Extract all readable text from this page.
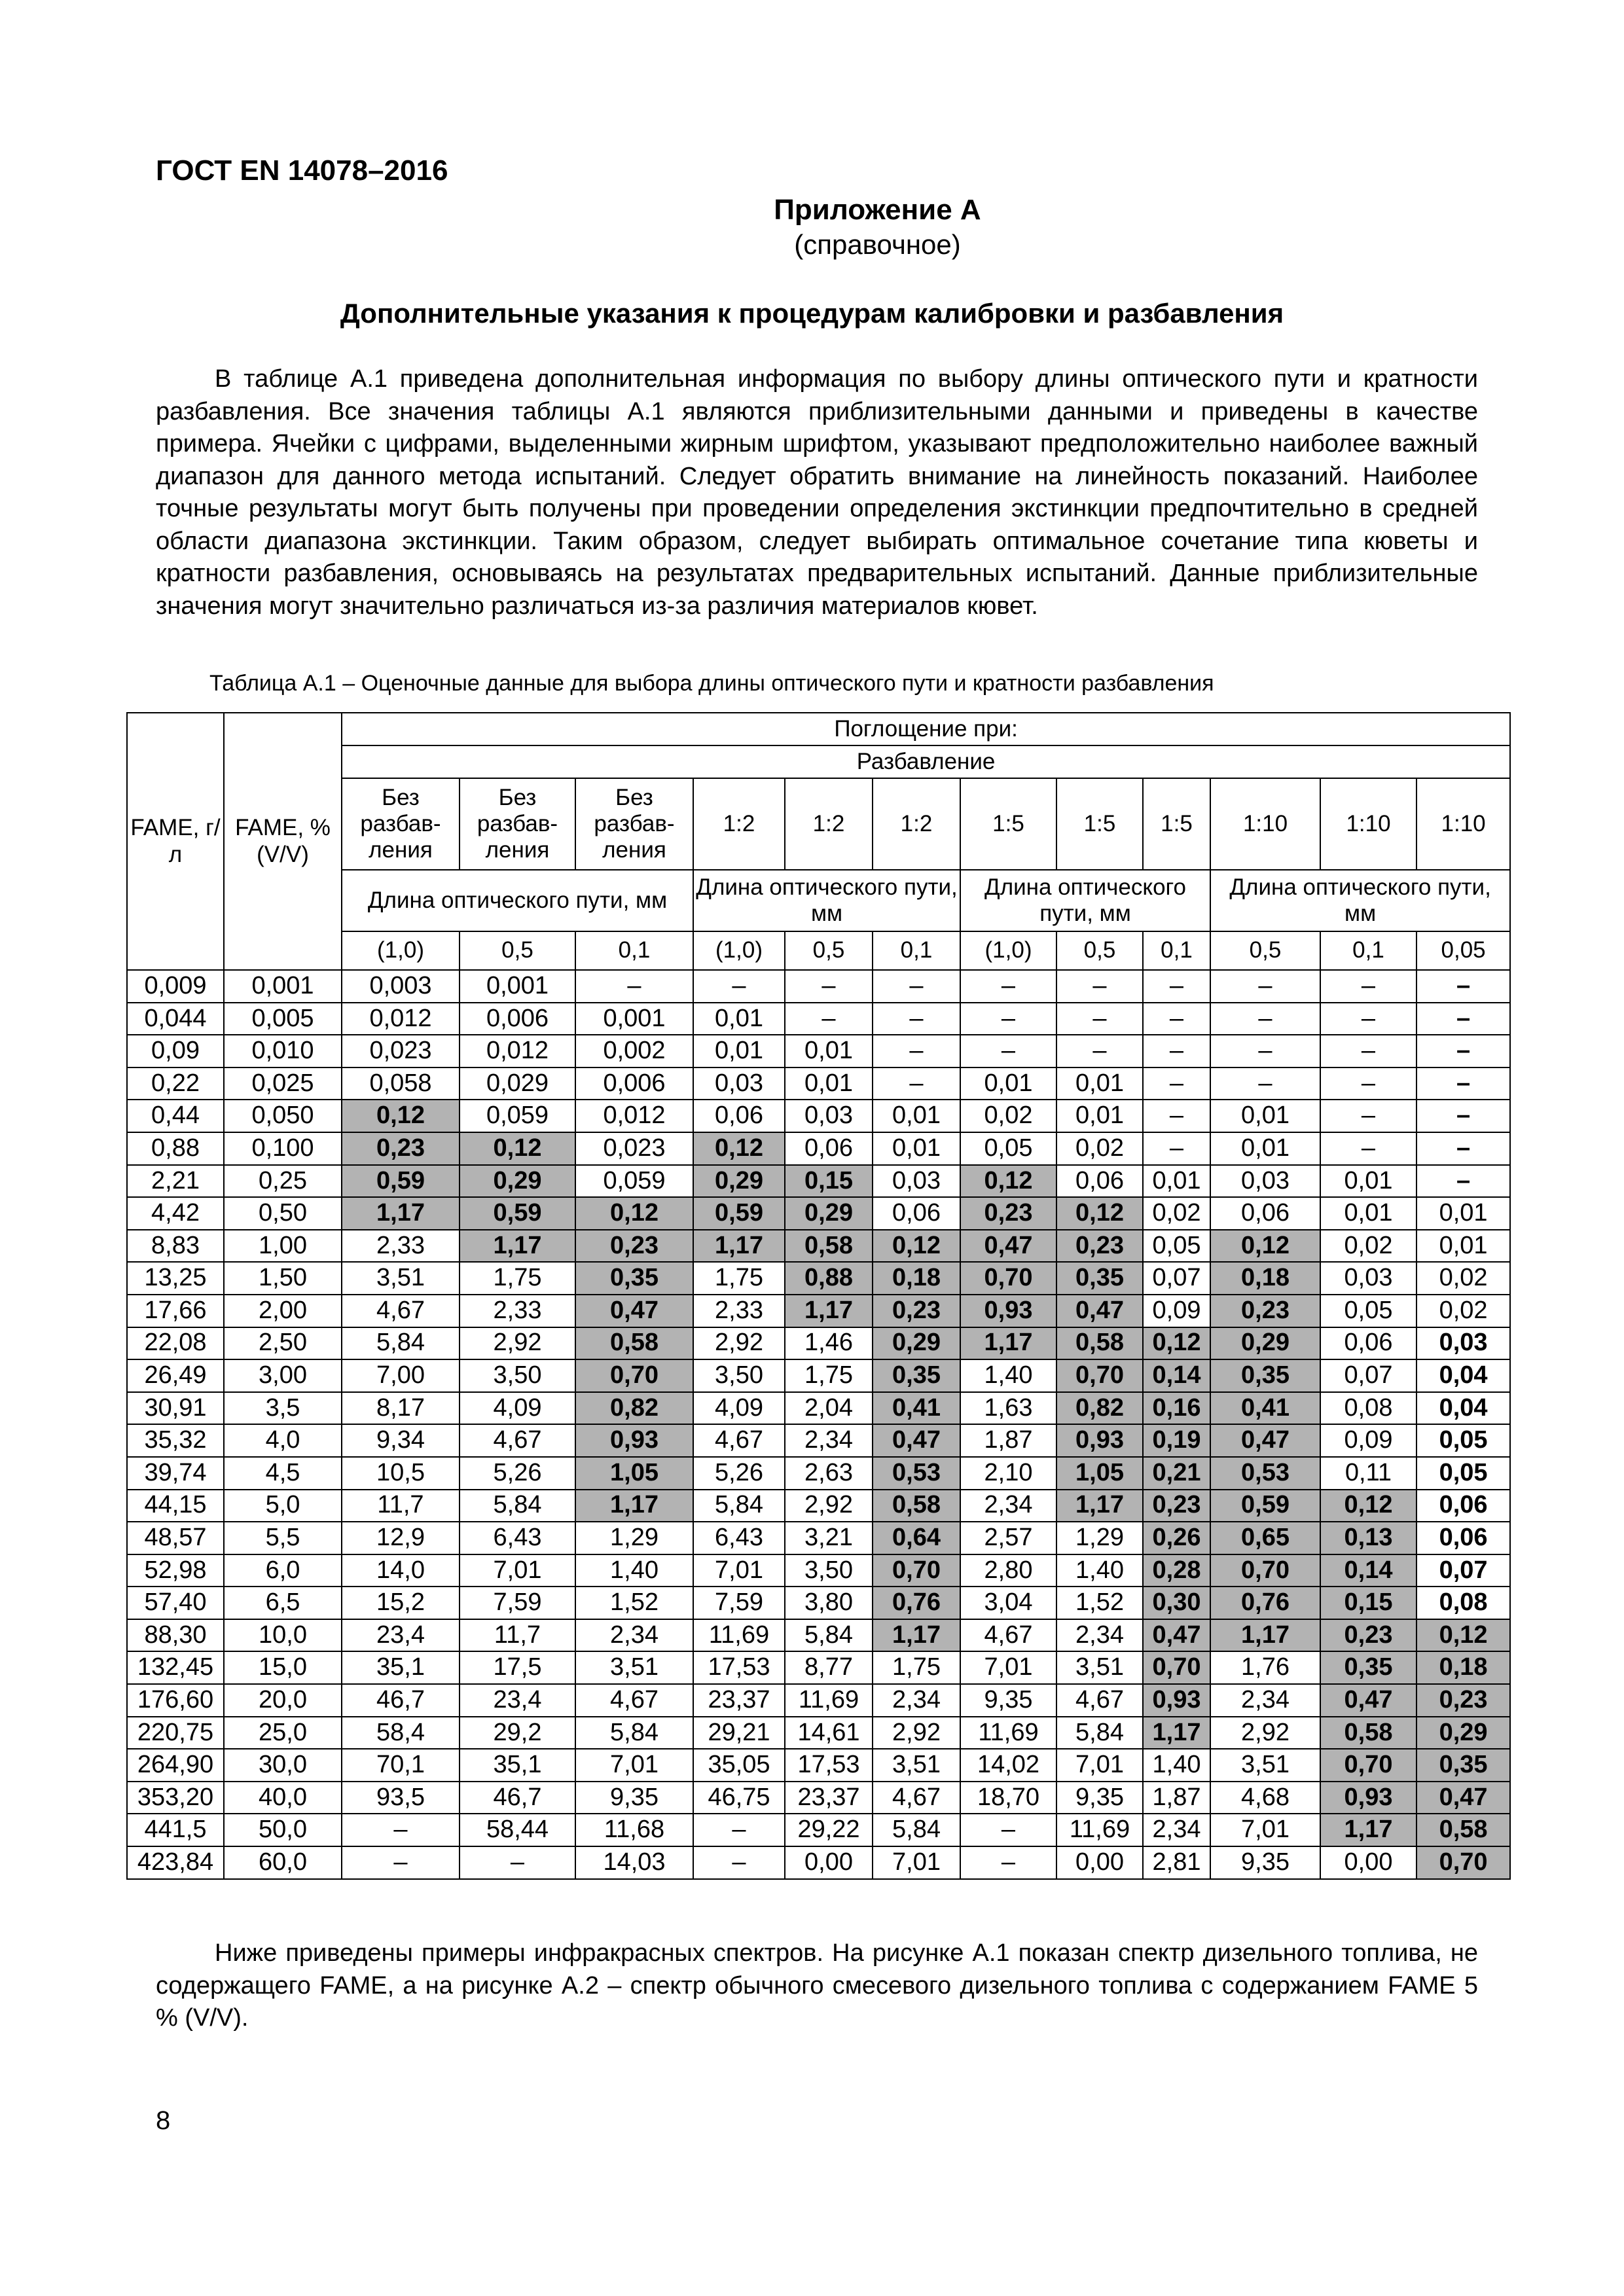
ГОСТ EN 14078–2016
Приложение А
(справочное)
Дополнительные указания к процедурам калибровки и разбавления
В таблице А.1 приведена дополнительная информация по выбору длины оптического пути и кратности разбавления. Все значения таблицы А.1 являются приблизительными данными и приведены в качестве примера. Ячейки с цифрами, выделенными жирным шрифтом, указывают предположительно наиболее важный диапазон для данного метода испытаний. Следует обратить внимание на линейность показаний. Наиболее точные результаты могут быть получены при проведении определения экстинкции предпочтительно в средней области диапазона экстинкции. Таким образом, следует выбирать оптимальное сочетание типа кюветы и кратности разбавления, основываясь на результатах предварительных испытаний. Данные приблизительные значения могут значительно различаться из-за различия материалов кювет.
Таблица А.1 – Оценочные данные для выбора длины оптического пути и кратности разбавления
FAME, г/л	FAME, % (V/V)	Поглощение при:											
		Разбавление											
		Без разбав-ления	Без разбав-ления	Без разбав-ления	1:2	1:2	1:2	1:5	1:5	1:5	1:10	1:10	1:10
		Длина оптического пути, мм			Длина оптического пути, мм			Длина оптического пути, мм			Длина оптического пути, мм		
		(1,0)	0,5	0,1	(1,0)	0,5	0,1	(1,0)	0,5	0,1	0,5	0,1	0,05
0,009	0,001	0,003	0,001	–	–	–	–	–	–	–	–	–	–
0,044	0,005	0,012	0,006	0,001	0,01	–	–	–	–	–	–	–	–
0,09	0,010	0,023	0,012	0,002	0,01	0,01	–	–	–	–	–	–	–
0,22	0,025	0,058	0,029	0,006	0,03	0,01	–	0,01	0,01	–	–	–	–
0,44	0,050	0,12	0,059	0,012	0,06	0,03	0,01	0,02	0,01	–	0,01	–	–
0,88	0,100	0,23	0,12	0,023	0,12	0,06	0,01	0,05	0,02	–	0,01	–	–
2,21	0,25	0,59	0,29	0,059	0,29	0,15	0,03	0,12	0,06	0,01	0,03	0,01	–
4,42	0,50	1,17	0,59	0,12	0,59	0,29	0,06	0,23	0,12	0,02	0,06	0,01	0,01
8,83	1,00	2,33	1,17	0,23	1,17	0,58	0,12	0,47	0,23	0,05	0,12	0,02	0,01
13,25	1,50	3,51	1,75	0,35	1,75	0,88	0,18	0,70	0,35	0,07	0,18	0,03	0,02
17,66	2,00	4,67	2,33	0,47	2,33	1,17	0,23	0,93	0,47	0,09	0,23	0,05	0,02
22,08	2,50	5,84	2,92	0,58	2,92	1,46	0,29	1,17	0,58	0,12	0,29	0,06	0,03
26,49	3,00	7,00	3,50	0,70	3,50	1,75	0,35	1,40	0,70	0,14	0,35	0,07	0,04
30,91	3,5	8,17	4,09	0,82	4,09	2,04	0,41	1,63	0,82	0,16	0,41	0,08	0,04
35,32	4,0	9,34	4,67	0,93	4,67	2,34	0,47	1,87	0,93	0,19	0,47	0,09	0,05
39,74	4,5	10,5	5,26	1,05	5,26	2,63	0,53	2,10	1,05	0,21	0,53	0,11	0,05
44,15	5,0	11,7	5,84	1,17	5,84	2,92	0,58	2,34	1,17	0,23	0,59	0,12	0,06
48,57	5,5	12,9	6,43	1,29	6,43	3,21	0,64	2,57	1,29	0,26	0,65	0,13	0,06
52,98	6,0	14,0	7,01	1,40	7,01	3,50	0,70	2,80	1,40	0,28	0,70	0,14	0,07
57,40	6,5	15,2	7,59	1,52	7,59	3,80	0,76	3,04	1,52	0,30	0,76	0,15	0,08
88,30	10,0	23,4	11,7	2,34	11,69	5,84	1,17	4,67	2,34	0,47	1,17	0,23	0,12
132,45	15,0	35,1	17,5	3,51	17,53	8,77	1,75	7,01	3,51	0,70	1,76	0,35	0,18
176,60	20,0	46,7	23,4	4,67	23,37	11,69	2,34	9,35	4,67	0,93	2,34	0,47	0,23
220,75	25,0	58,4	29,2	5,84	29,21	14,61	2,92	11,69	5,84	1,17	2,92	0,58	0,29
264,90	30,0	70,1	35,1	7,01	35,05	17,53	3,51	14,02	7,01	1,40	3,51	0,70	0,35
353,20	40,0	93,5	46,7	9,35	46,75	23,37	4,67	18,70	9,35	1,87	4,68	0,93	0,47
441,5	50,0	–	58,44	11,68	–	29,22	5,84	–	11,69	2,34	7,01	1,17	0,58
423,84	60,0	–	–	14,03	–	0,00	7,01	–	0,00	2,81	9,35	0,00	0,70
Ниже приведены примеры инфракрасных спектров. На рисунке А.1 показан спектр дизельного топлива, не содержащего FAME, а на рисунке А.2 – спектр обычного смесевого дизельного топлива с содержанием FAME 5 % (V/V).
8
